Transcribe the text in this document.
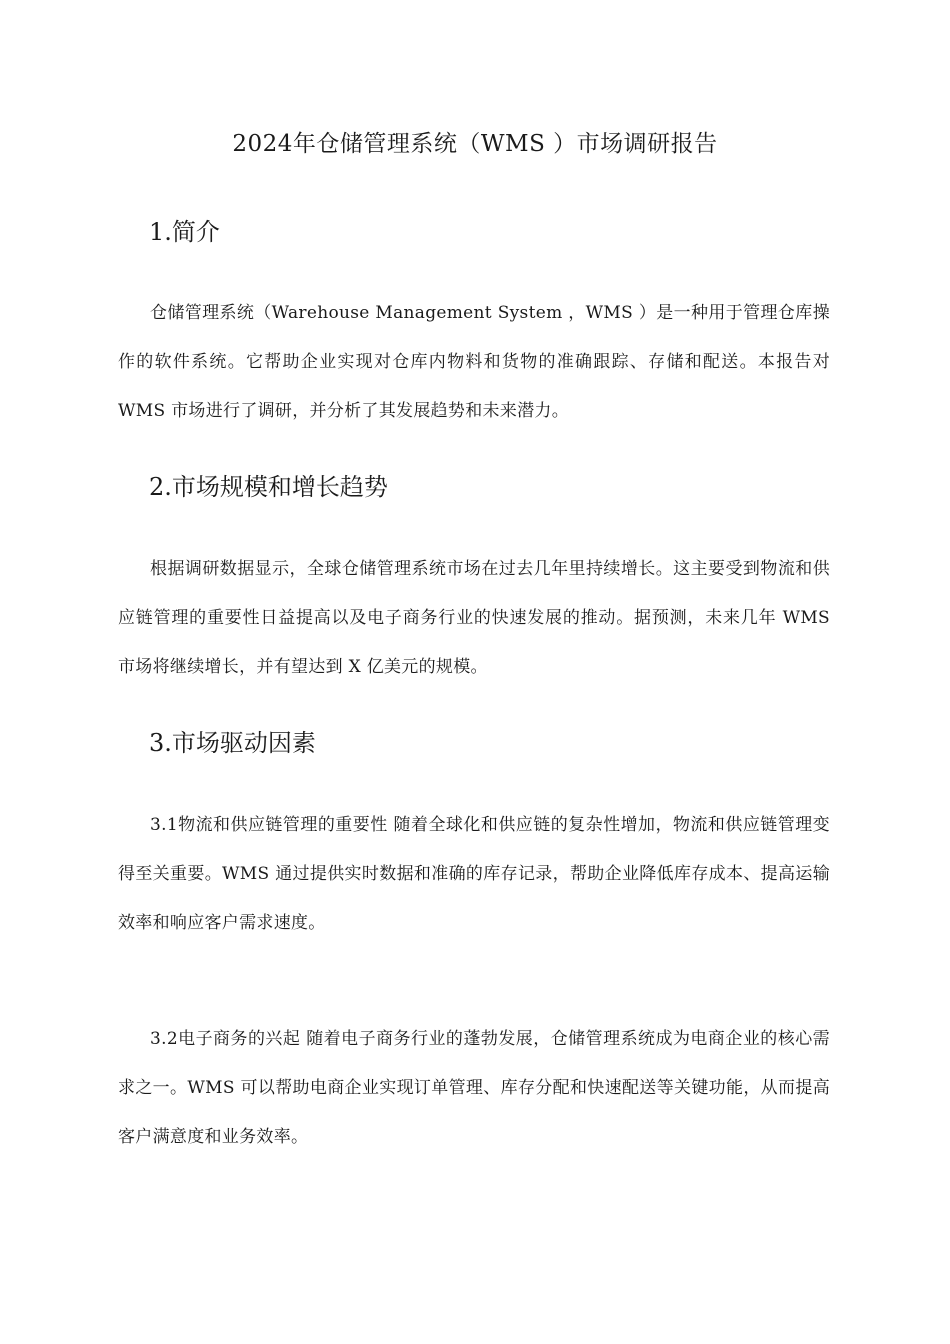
2024年仓储管理系统（WMS ）市场调研报告
1.简介

仓储管理系统（Warehouse Management System ，WMS ）是一种用于管理仓库操作的软件系统。它帮助企业实现对仓库内物料和货物的准确跟踪、存储和配送。本报告对 WMS 市场进行了调研，并分析了其发展趋势和未来潜力。

2.市场规模和增长趋势

根据调研数据显示，全球仓储管理系统市场在过去几年里持续增长。这主要受到物流和供应链管理的重要性日益提高以及电子商务行业的快速发展的推动。据预测，未来几年 WMS 市场将继续增长，并有望达到 X 亿美元的规模。

3.市场驱动因素

3.1物流和供应链管理的重要性 随着全球化和供应链的复杂性增加，物流和供应链管理变得至关重要。WMS 通过提供实时数据和准确的库存记录，帮助企业降低库存成本、提高运输效率和响应客户需求速度。

3.2电子商务的兴起 随着电子商务行业的蓬勃发展，仓储管理系统成为电商企业的核心需求之一。WMS 可以帮助电商企业实现订单管理、库存分配和快速配送等关键功能，从而提高客户满意度和业务效率。
